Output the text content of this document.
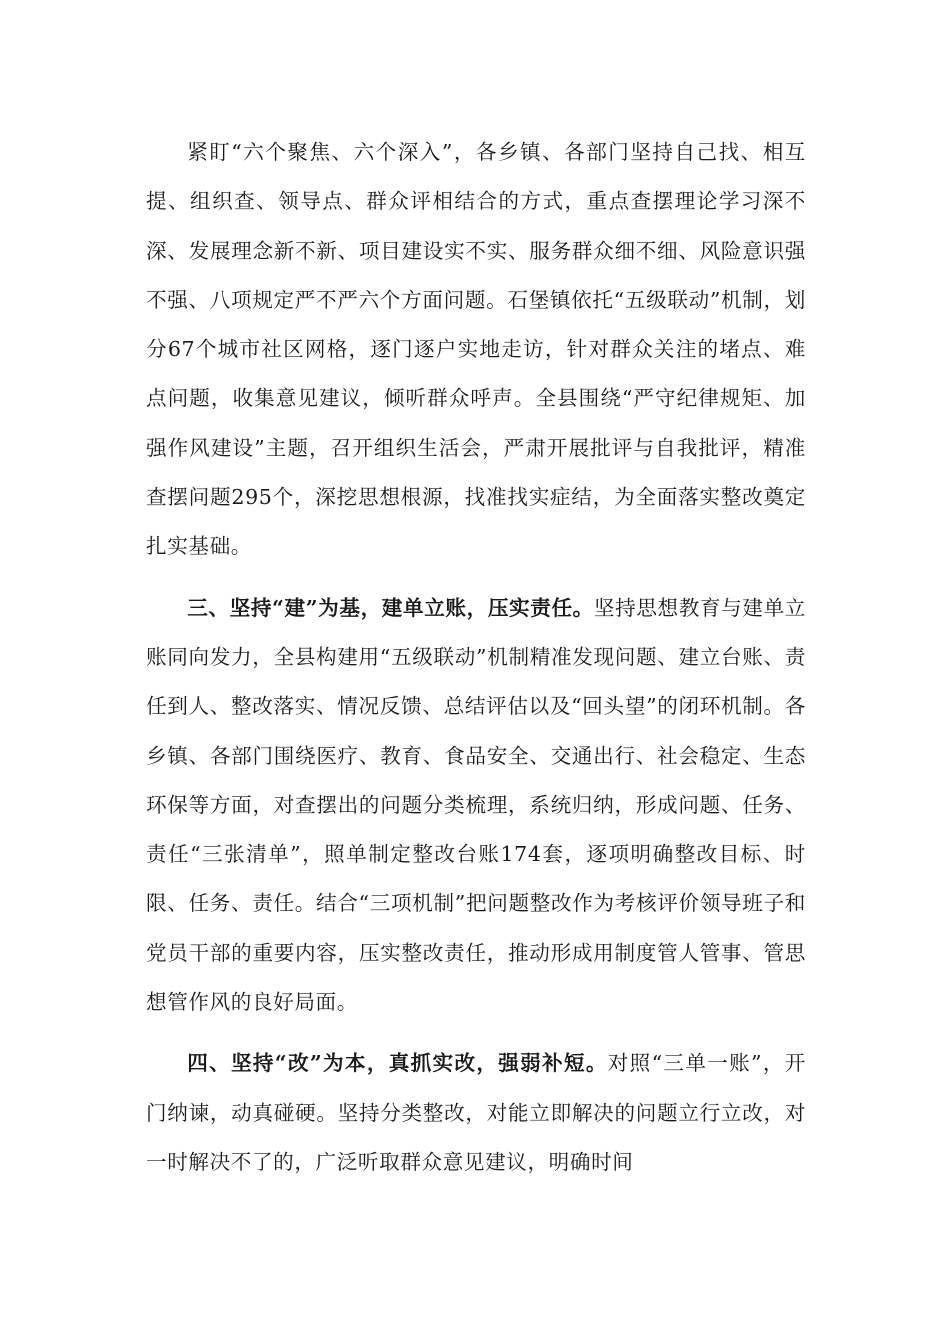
紧盯“六个聚焦、六个深入”，各乡镇、各部门坚持自己找、相互提、组织查、领导点、群众评相结合的方式，重点查摆理论学习深不深、发展理念新不新、项目建设实不实、服务群众细不细、风险意识强不强、八项规定严不严六个方面问题。石堡镇依托“五级联动”机制，划分67个城市社区网格，逐门逐户实地走访，针对群众关注的堵点、难点问题，收集意见建议，倾听群众呼声。全县围绕“严守纪律规矩、加强作风建设”主题，召开组织生活会，严肃开展批评与自我批评，精准查摆问题295个，深挖思想根源，找准找实症结，为全面落实整改奠定扎实基础。

三、坚持“建”为基，建单立账，压实责任。坚持思想教育与建单立账同向发力，全县构建用“五级联动”机制精准发现问题、建立台账、责任到人、整改落实、情况反馈、总结评估以及“回头望”的闭环机制。各乡镇、各部门围绕医疗、教育、食品安全、交通出行、社会稳定、生态环保等方面，对查摆出的问题分类梳理，系统归纳，形成问题、任务、责任“三张清单”，照单制定整改台账174套，逐项明确整改目标、时限、任务、责任。结合“三项机制”把问题整改作为考核评价领导班子和党员干部的重要内容，压实整改责任，推动形成用制度管人管事、管思想管作风的良好局面。

四、坚持“改”为本，真抓实改，强弱补短。对照“三单一账”，开门纳谏，动真碰硬。坚持分类整改，对能立即解决的问题立行立改，对一时解决不了的，广泛听取群众意见建议，明确时间
